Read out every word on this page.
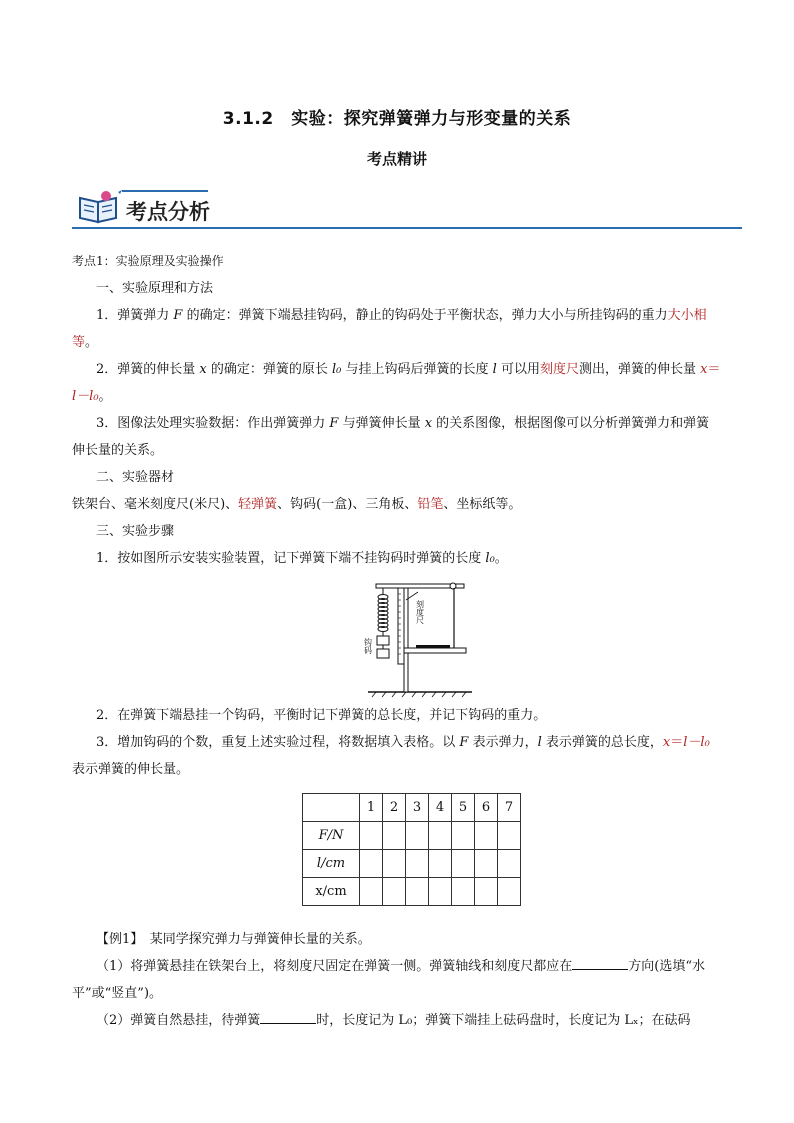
3.1.2　实验：探究弹簧弹力与形变量的关系
考点精讲
考点分析

考点1：实验原理及实验操作

一、实验原理和方法

1．弹簧弹力 F 的确定：弹簧下端悬挂钩码，静止的钩码处于平衡状态，弹力大小与所挂钩码的重力大小相等。

2．弹簧的伸长量 x 的确定：弹簧的原长 l₀ 与挂上钩码后弹簧的长度 l 可以用刻度尺测出，弹簧的伸长量 x＝l－l₀。

3．图像法处理实验数据：作出弹簧弹力 F 与弹簧伸长量 x 的关系图像，根据图像可以分析弹簧弹力和弹簧伸长量的关系。

二、实验器材

铁架台、毫米刻度尺(米尺)、轻弹簧、钩码(一盒)、三角板、铅笔、坐标纸等。

三、实验步骤

1．按如图所示安装实验装置，记下弹簧下端不挂钩码时弹簧的长度 l₀。

刻度尺
钩码

2．在弹簧下端悬挂一个钩码，平衡时记下弹簧的总长度，并记下钩码的重力。

3．增加钩码的个数，重复上述实验过程，将数据填入表格。以 F 表示弹力，l 表示弹簧的总长度，x＝l－l₀表示弹簧的伸长量。

	1	2	3	4	5	6	7
F/N							
l/cm							
x/cm							

【例1】　某同学探究弹力与弹簧伸长量的关系。

（1）将弹簧悬挂在铁架台上，将刻度尺固定在弹簧一侧。弹簧轴线和刻度尺都应在	方向(选填“水平”或“竖直”)。

（2）弹簧自然悬挂，待弹簧	时，长度记为 L₀；弹簧下端挂上砝码盘时，长度记为 Lₓ；在砝码
